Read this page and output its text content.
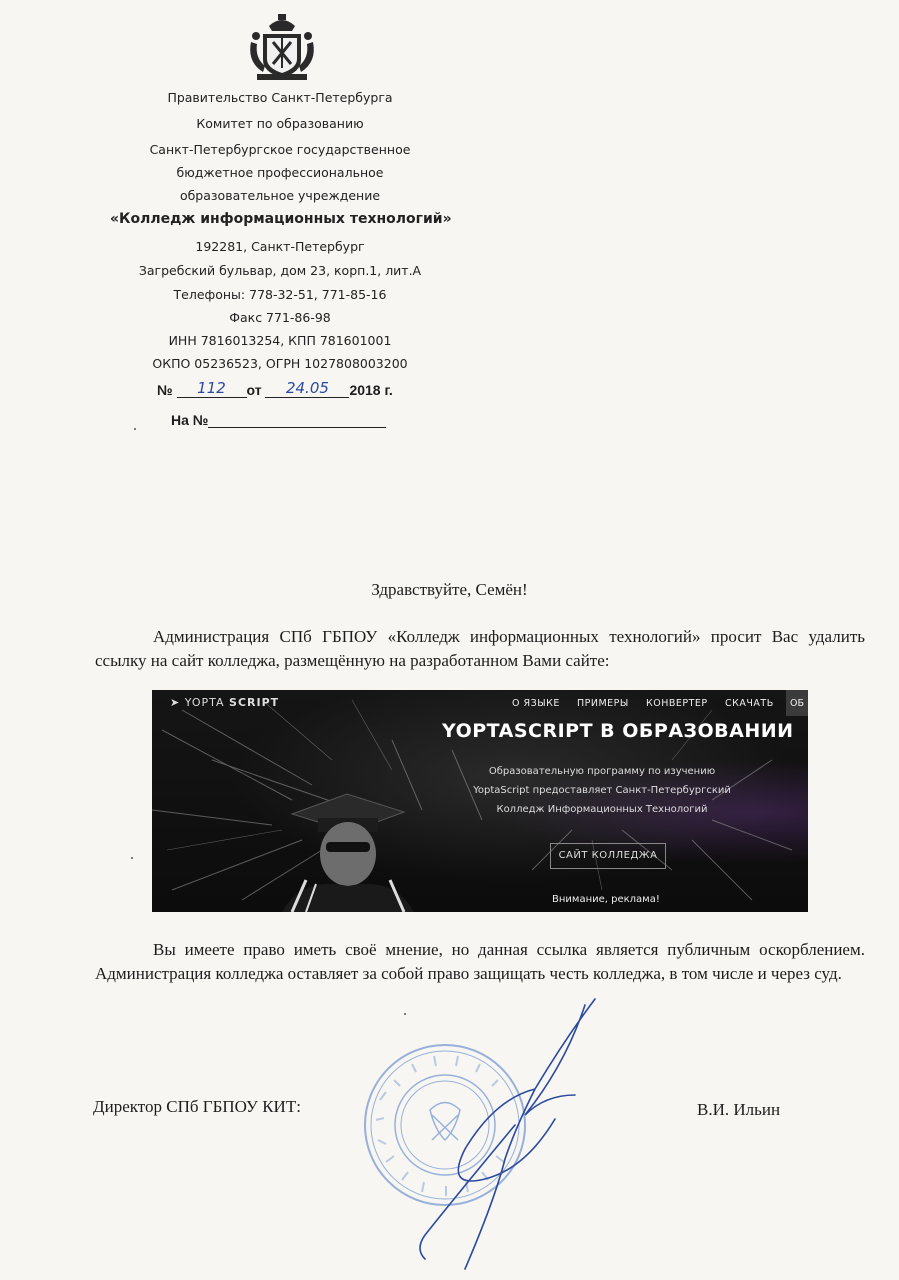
Правительство Санкт-Петербурга
Комитет по образованию
Санкт-Петербургское государственное
бюджетное профессиональное
образовательное учреждение
«Колледж информационных технологий»
192281, Санкт-Петербург
Загребский бульвар, дом 23, корп.1, лит.А
Телефоны: 778-32-51, 771-85-16
Факс 771-86-98
ИНН 7816013254, КПП 781601001
ОКПО 05236523, ОГРН 1027808003200
№ 112 от 24.05 2018 г.
На №
Здравствуйте, Семён!
Администрация СПб ГБПОУ «Колледж информационных технологий» просит Вас удалить ссылку на сайт колледжа, размещённую на разработанном Вами сайте:
➤ YOPTA SCRIPT	О ЯЗЫКЕ ПРИМЕРЫ КОНВЕРТЕР СКАЧАТЬ ОБ
YOPTASCRIPT В ОБРАЗОВАНИИ
Образовательную программу по изучению
YoptaScript предоставляет Санкт-Петербургский
Колледж Информационных Технологий
САЙТ КОЛЛЕДЖА
Внимание, реклама!
Вы имеете право иметь своё мнение, но данная ссылка является публичным оскорблением. Администрация колледжа оставляет за собой право защищать честь колледжа, в том числе и через суд.
Директор СПб ГБПОУ КИТ:	В.И. Ильин
